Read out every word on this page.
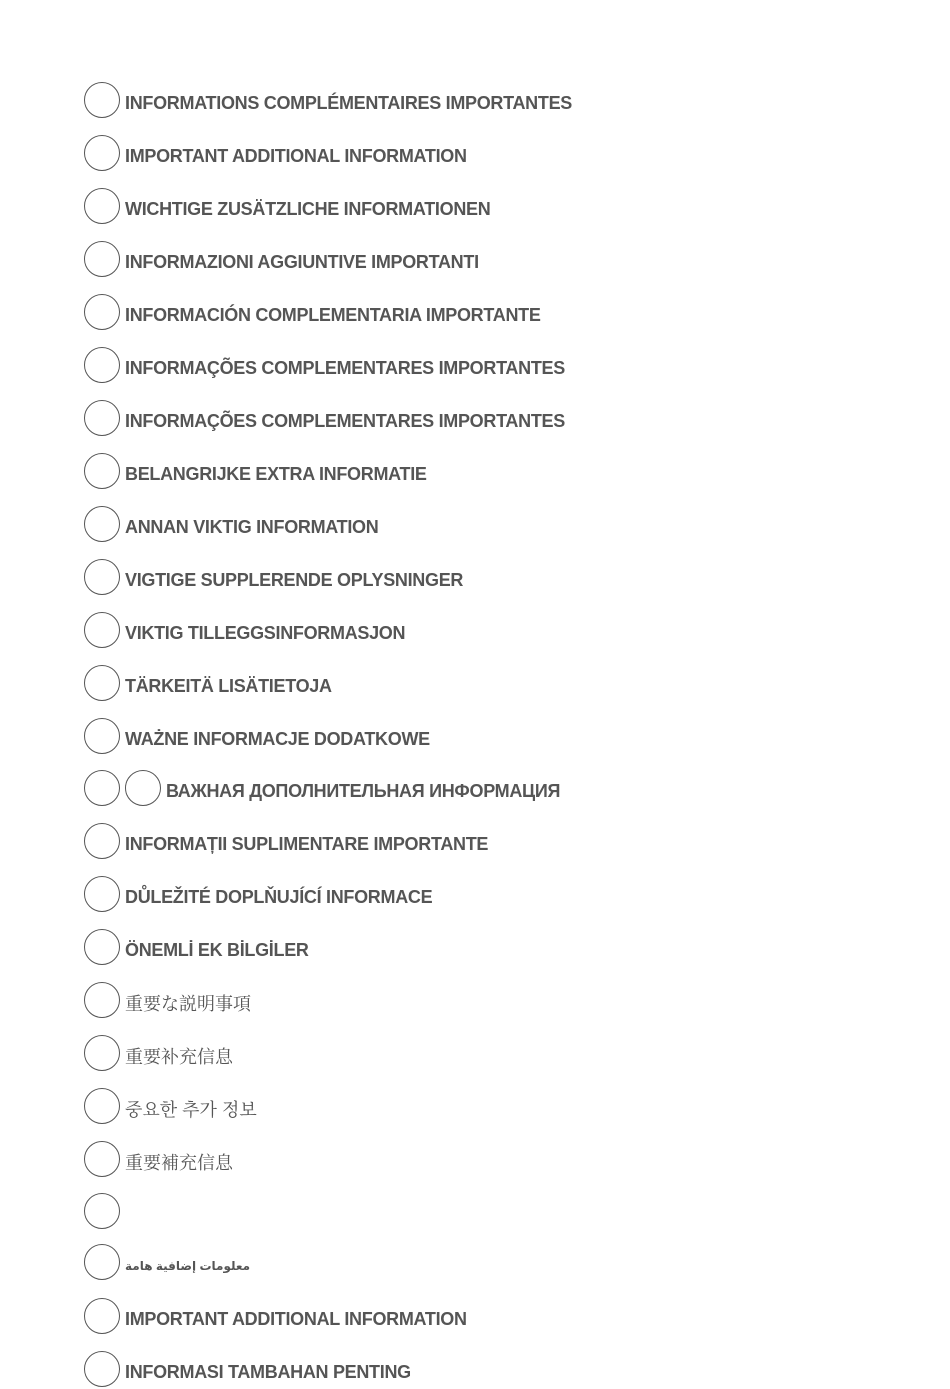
INFORMATIONS COMPLÉMENTAIRES IMPORTANTES
IMPORTANT ADDITIONAL INFORMATION
WICHTIGE ZUSÄTZLICHE INFORMATIONEN
INFORMAZIONI AGGIUNTIVE IMPORTANTI
INFORMACIÓN COMPLEMENTARIA IMPORTANTE
INFORMAÇÕES COMPLEMENTARES IMPORTANTES
INFORMAÇÕES COMPLEMENTARES IMPORTANTES
BELANGRIJKE EXTRA INFORMATIE
ANNAN VIKTIG INFORMATION
VIGTIGE SUPPLERENDE OPLYSNINGER
VIKTIG TILLEGGSINFORMASJON
TÄRKEITÄ LISÄTIETOJA
WAŻNE INFORMACJE DODATKOWE
ВАЖНАЯ ДОПОЛНИТЕЛЬНАЯ ИНФОРМАЦИЯ
INFORMAȚII SUPLIMENTARE IMPORTANTE
DŮLEŽITÉ DOPLŇUJÍCÍ INFORMACE
ÖNEMLİ EK BİLGİLER
重要な説明事項
重要补充信息
중요한 추가 정보
重要補充信息
معلومات إضافية هامة
IMPORTANT ADDITIONAL INFORMATION
INFORMASI TAMBAHAN PENTING
